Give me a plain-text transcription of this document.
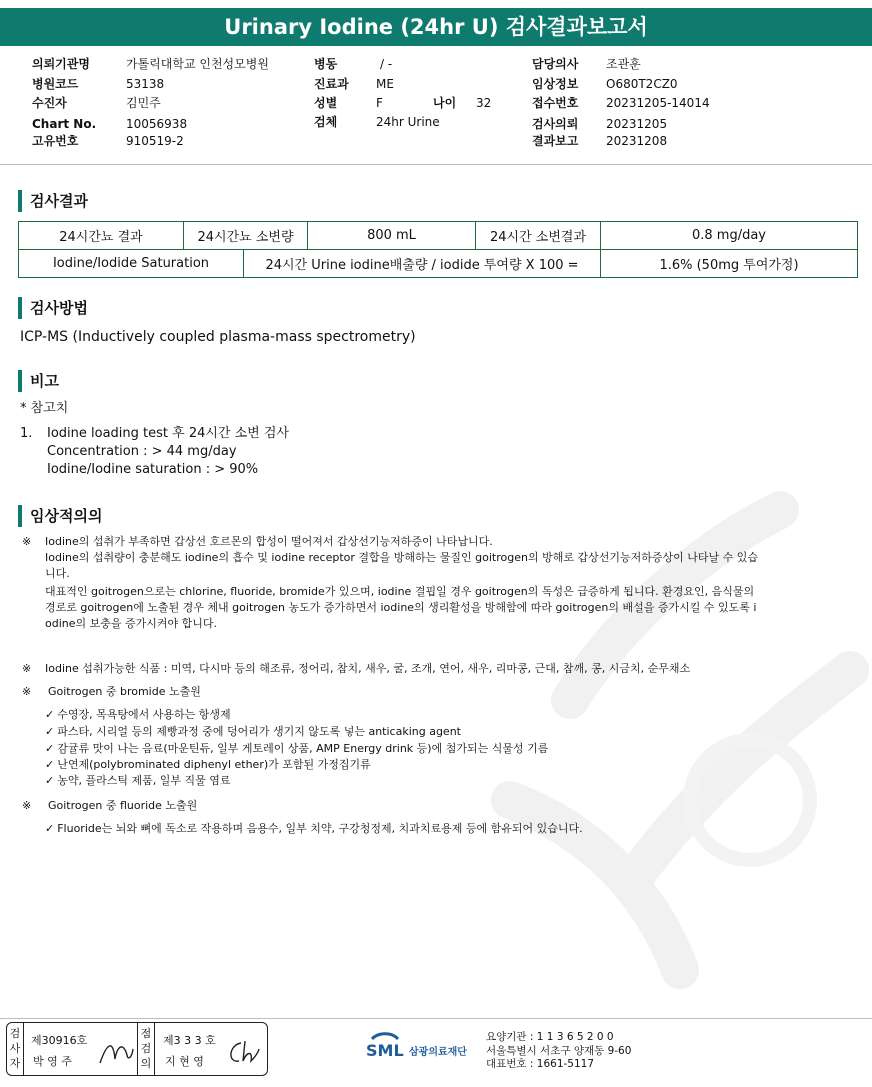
Urinary Iodine (24hr U) 검사결과보고서
의뢰기관명	가톨릭대학교 인천성모병원
병원코드	53138
수진자	김민주
Chart No. 10056938
고유번호	910519-2
병동	/ -
진료과 ME
성별	F	나이 32
검체	24hr Urine
담당의사 조관훈
임상정보 O680T2CZ0
접수번호 20231205-14014
검사의뢰 20231205
결과보고 20231208
검사결과
24시간뇨 결과	24시간뇨 소변량	800 mL	24시간 소변결과	0.8 mg/day
Iodine/Iodide Saturation	24시간 Urine iodine배출량 / iodide 투여량 X 100 =	1.6% (50mg 투여가정)
검사방법
ICP-MS (Inductively coupled plasma-mass spectrometry)
비고
* 참고치
1. Iodine loading test 후 24시간 소변 검사
Concentration : > 44 mg/day
Iodine/Iodine saturation : > 90%
임상적의의
※ Iodine의 섭취가 부족하면 갑상선 호르몬의 합성이 떨어져서 갑상선기능저하증이 나타납니다.
Iodine의 섭취량이 충분해도 iodine의 흡수 및 iodine receptor 결합을 방해하는 물질인 goitrogen의 방해로 갑상선기능저하증상이 나타날 수 있습
니다.
대표적인 goitrogen으로는 chlorine, fluoride, bromide가 있으며, iodine 결핍일 경우 goitrogen의 독성은 급증하게 됩니다. 환경요인, 음식물의
경로로 goitrogen에 노출된 경우 체내 goitrogen 농도가 증가하면서 iodine의 생리활성을 방해함에 따라 goitrogen의 배설을 증가시킬 수 있도록 i
odine의 보충을 증가시켜야 합니다.
※ Iodine 섭취가능한 식품 : 미역, 다시마 등의 해조류, 정어리, 참치, 새우, 굴, 조개, 연어, 새우, 리마콩, 근대, 참깨, 콩, 시금치, 순무채소
※ Goitrogen 중 bromide 노출원
✓ 수영장, 목욕탕에서 사용하는 항생제
✓ 파스타, 시리얼 등의 제빵과정 중에 덩어리가 생기지 않도록 넣는 anticaking agent
✓ 감귤류 맛이 나는 음료(마운틴듀, 일부 게토레이 상품, AMP Energy drink 등)에 첨가되는 식물성 기름
✓ 난연제(polybrominated diphenyl ether)가 포함된 가정집기류
✓ 농약, 플라스틱 제품, 일부 직물 염료
※ Goitrogen 중 fluoride 노출원
✓ Fluoride는 뇌와 뼈에 독소로 작용하며 음용수, 일부 치약, 구강청정제, 치과치료용제 등에 함유되어 있습니다.
검
사
자
제30916호
박 영 주
점
검
의
제3 3 3 호
지 현 영
SML 삼광의료재단
요양기관 : 1 1 3 6 5 2 0 0
서울특별시 서초구 양재동 9-60
대표번호 : 1661-5117
